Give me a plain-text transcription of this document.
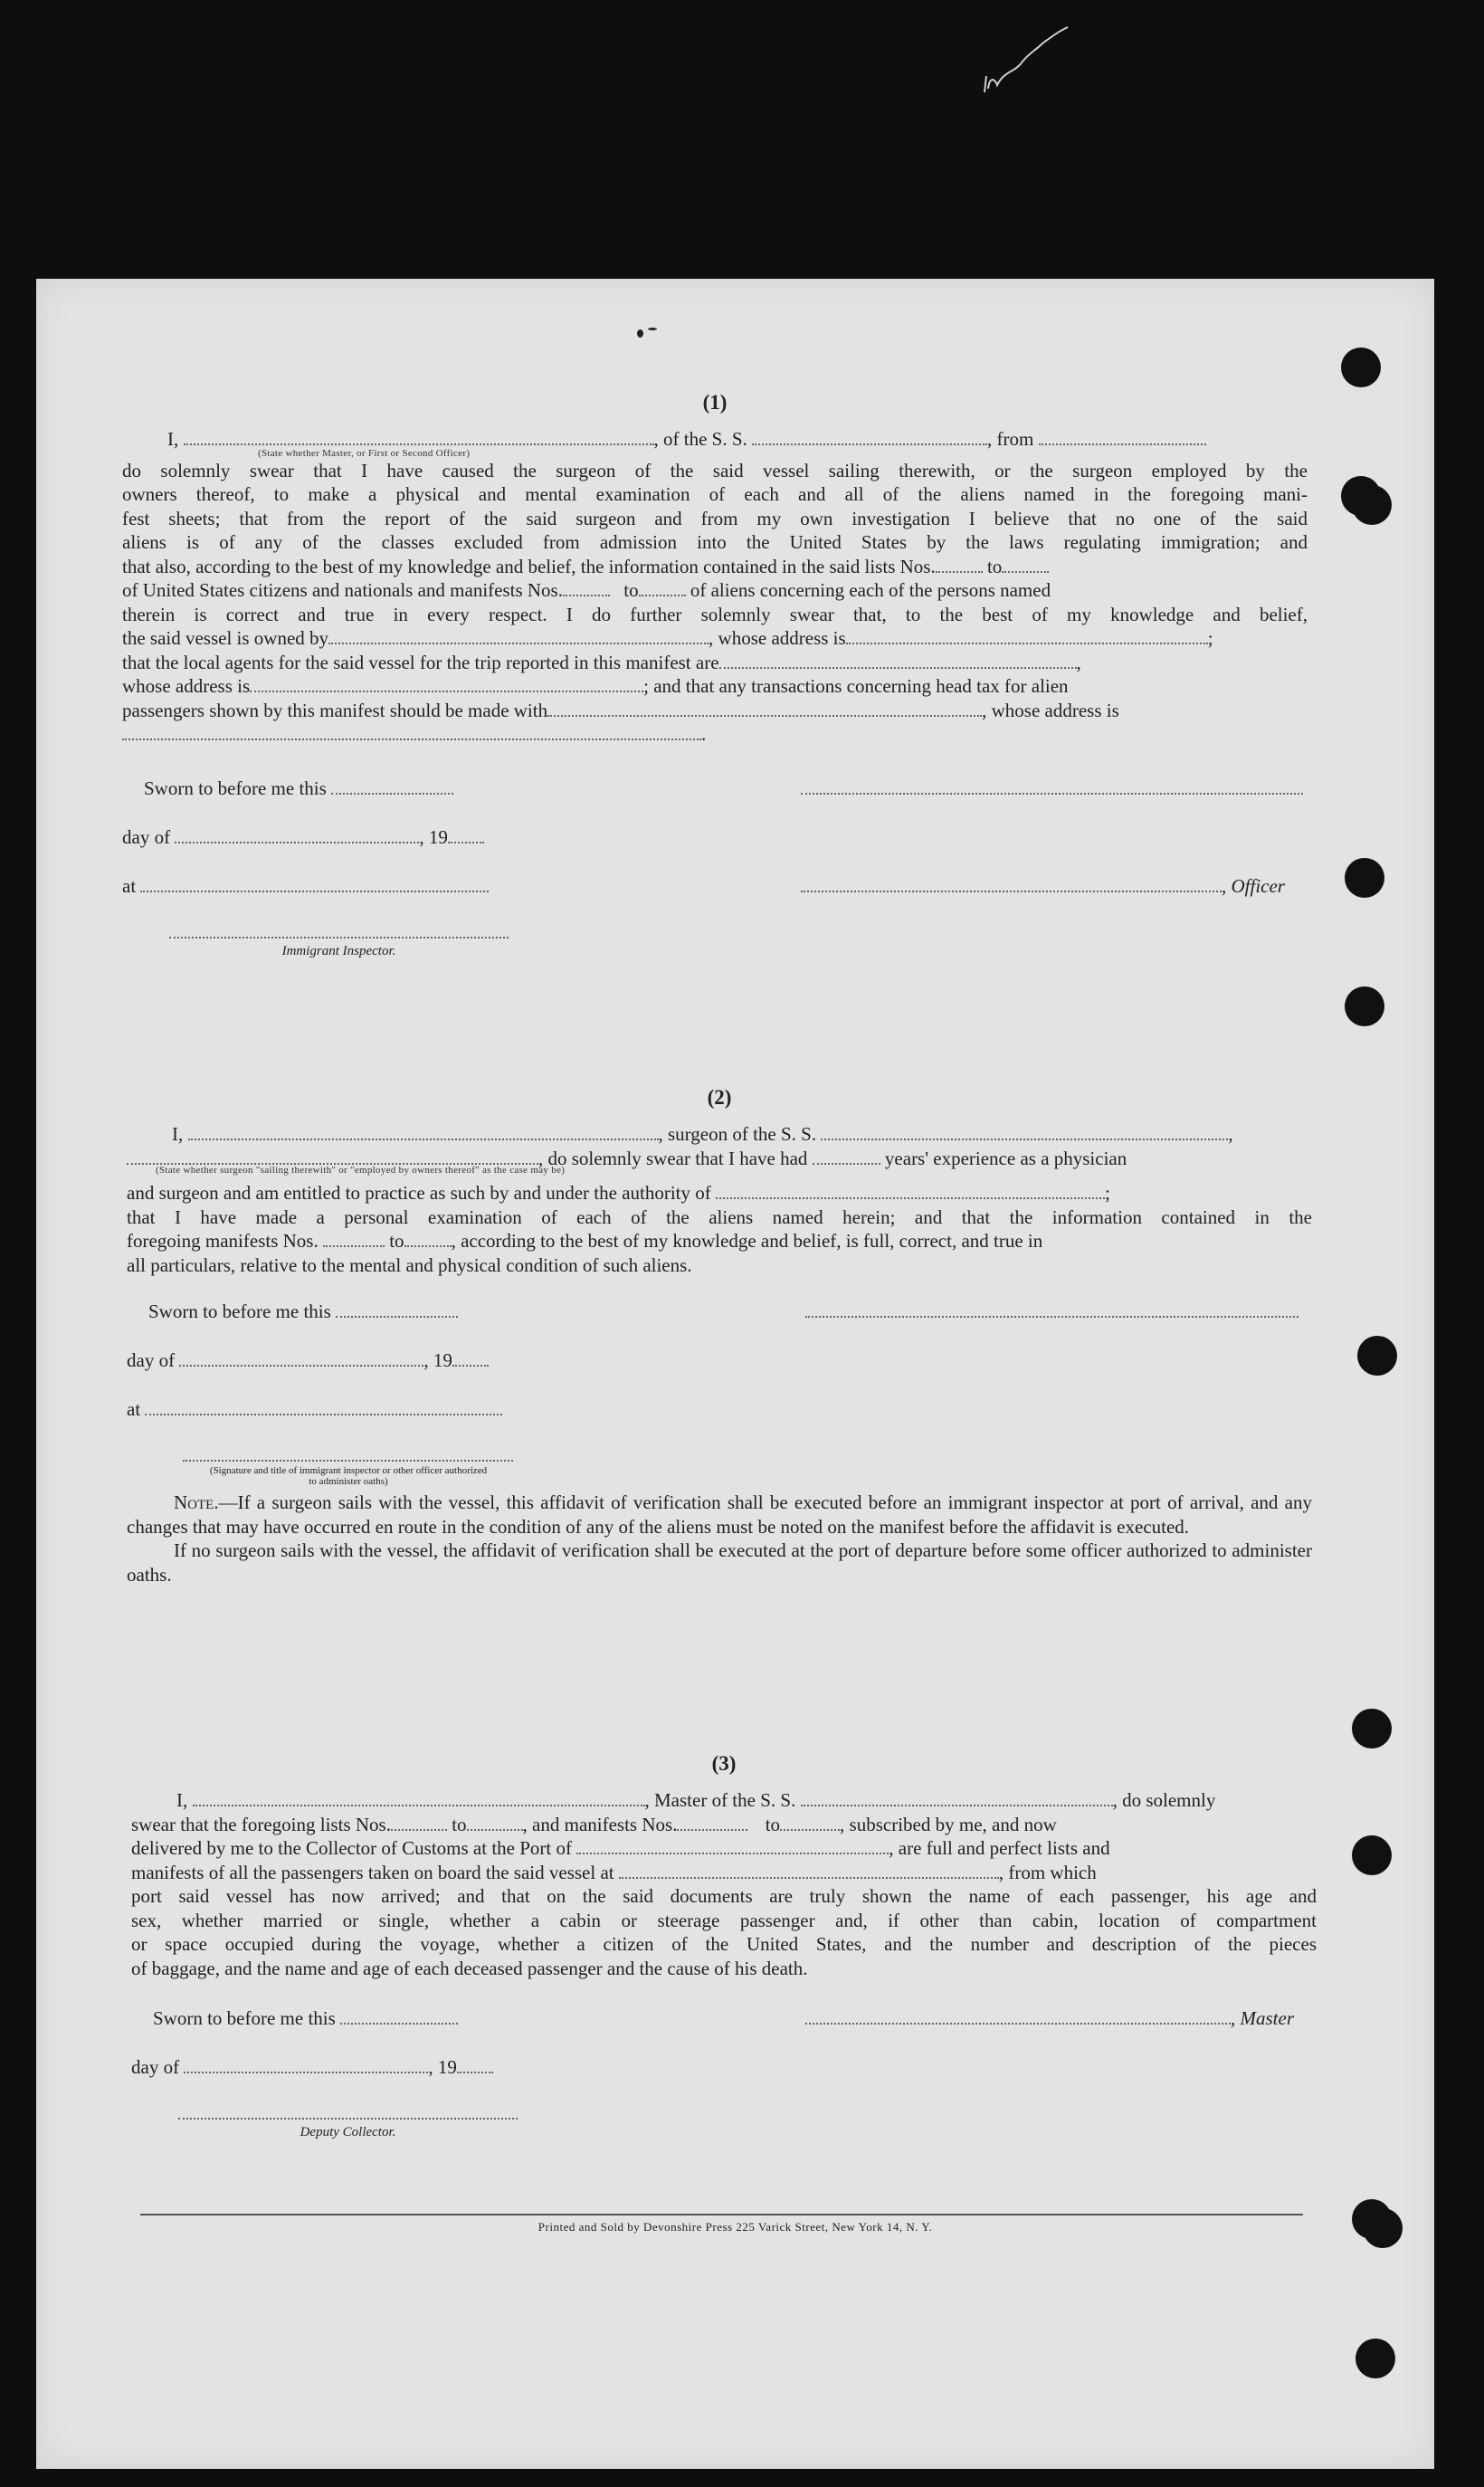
(1)
I,	, of the S. S.	, from
(State whether Master, or First or Second Officer)
do solemnly swear that I have caused the surgeon of the said vessel sailing therewith, or the surgeon employed by the
owners thereof, to make a physical and mental examination of each and all of the aliens named in the foregoing mani-
fest sheets; that from the report of the said surgeon and from my own investigation I believe that no one of the said
aliens is of any of the classes excluded from admission into the United States by the laws regulating immigration; and
that also, according to the best of my knowledge and belief, the information contained in the said lists Nos.	to
of United States citizens and nationals and manifests Nos.	to	of aliens concerning each of the persons named
therein is correct and true in every respect. I do further solemnly swear that, to the best of my knowledge and belief,
the said vessel is owned by	, whose address is	;
that the local agents for the said vessel for the trip reported in this manifest are	,
whose address is	; and that any transactions concerning head tax for alien
passengers shown by this manifest should be made with	, whose address is
.
Sworn to before me this
day of	, 19
at	, Officer
Immigrant Inspector.
(2)
I,	, surgeon of the S. S.	,
, do solemnly swear that I have had	years' experience as a physician
(State whether surgeon "sailing therewith" or "employed by owners thereof" as the case may be)
and surgeon and am entitled to practice as such by and under the authority of	;
that I have made a personal examination of each of the aliens named herein; and that the information contained in the
foregoing manifests Nos.	to , according to the best of my knowledge and belief, is full, correct, and true in
all particulars, relative to the mental and physical condition of such aliens.
Sworn to before me this
day of	, 19
at
(Signature and title of immigrant inspector or other officer authorized to administer oaths)
Note.—If a surgeon sails with the vessel, this affidavit of verification shall be executed before an immigrant inspector at port of arrival, and any changes that may have occurred en route in the condition of any of the aliens must be noted on the manifest before the affidavit is executed.
If no surgeon sails with the vessel, the affidavit of verification shall be executed at the port of departure before some officer authorized to administer oaths.
(3)
I,	, Master of the S. S.	, do solemnly
swear that the foregoing lists Nos.	to	, and manifests Nos.	to	, subscribed by me, and now
delivered by me to the Collector of Customs at the Port of	, are full and perfect lists and
manifests of all the passengers taken on board the said vessel at	, from which
port said vessel has now arrived; and that on the said documents are truly shown the name of each passenger, his age and
sex, whether married or single, whether a cabin or steerage passenger and, if other than cabin, location of compartment
or space occupied during the voyage, whether a citizen of the United States, and the number and description of the pieces
of baggage, and the name and age of each deceased passenger and the cause of his death.
Sworn to before me this	, Master
day of	, 19
Deputy Collector.
Printed and Sold by Devonshire Press 225 Varick Street, New York 14, N. Y.
